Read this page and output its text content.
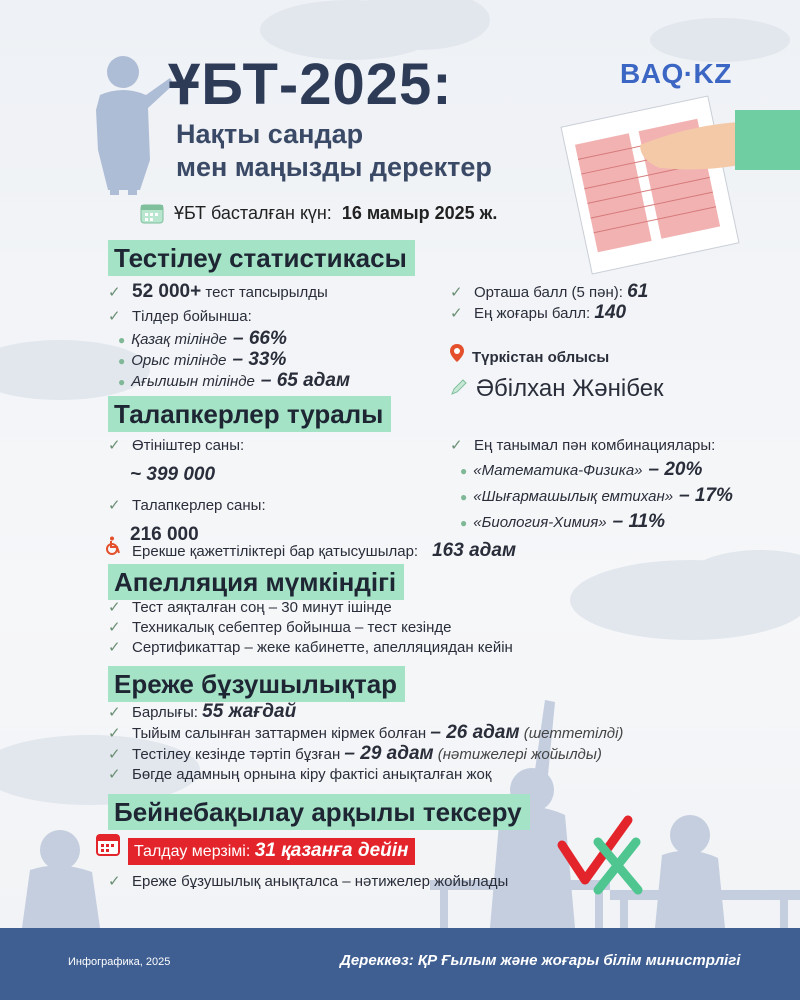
ҰБТ-2025:
Нақты сандар
мен маңызды деректер
BAQ·KZ
ҰБТ басталған күн: 16 мамыр 2025 ж.
Тестілеу статистикасы
✓ 52 000+ тест тапсырылды
✓ Тілдер бойынша:
● Қазақ тілінде – 66%
● Орыс тілінде – 33%
● Ағылшын тілінде – 65 адам
✓ Орташа балл (5 пән): 61
✓ Ең жоғары балл: 140
Түркістан облысы
Әбілхан Жәнібек
Талапкерлер туралы
✓ Өтініштер саны:
~ 399 000
✓ Талапкерлер саны:
216 000
✓ Ең танымал пән комбинациялары:
● «Математика-Физика» – 20%
● «Шығармашылық емтихан» – 17%
● «Биология-Химия» – 11%
Ерекше қажеттіліктері бар қатысушылар: 163 адам
Апелляция мүмкіндігі
✓ Тест аяқталған соң – 30 минут ішінде
✓ Техникалық себептер бойынша – тест кезінде
✓ Сертификаттар – жеке кабинетте, апелляциядан кейін
Ереже бұзушылықтар
✓ Барлығы: 55 жағдай
✓ Тыйым салынған заттармен кірмек болған – 26 адам (шеттетілді)
✓ Тестілеу кезінде тәртіп бұзған – 29 адам (нәтижелері жойылды)
✓ Бөгде адамның орнына кіру фактісі анықталған жоқ
Бейнебақылау арқылы тексеру
Талдау мерзімі: 31 қазанға дейін
✓ Ереже бұзушылық анықталса – нәтижелер жойылады
Инфографика, 2025	Дереккөз: ҚР Ғылым және жоғары білім министрлігі
